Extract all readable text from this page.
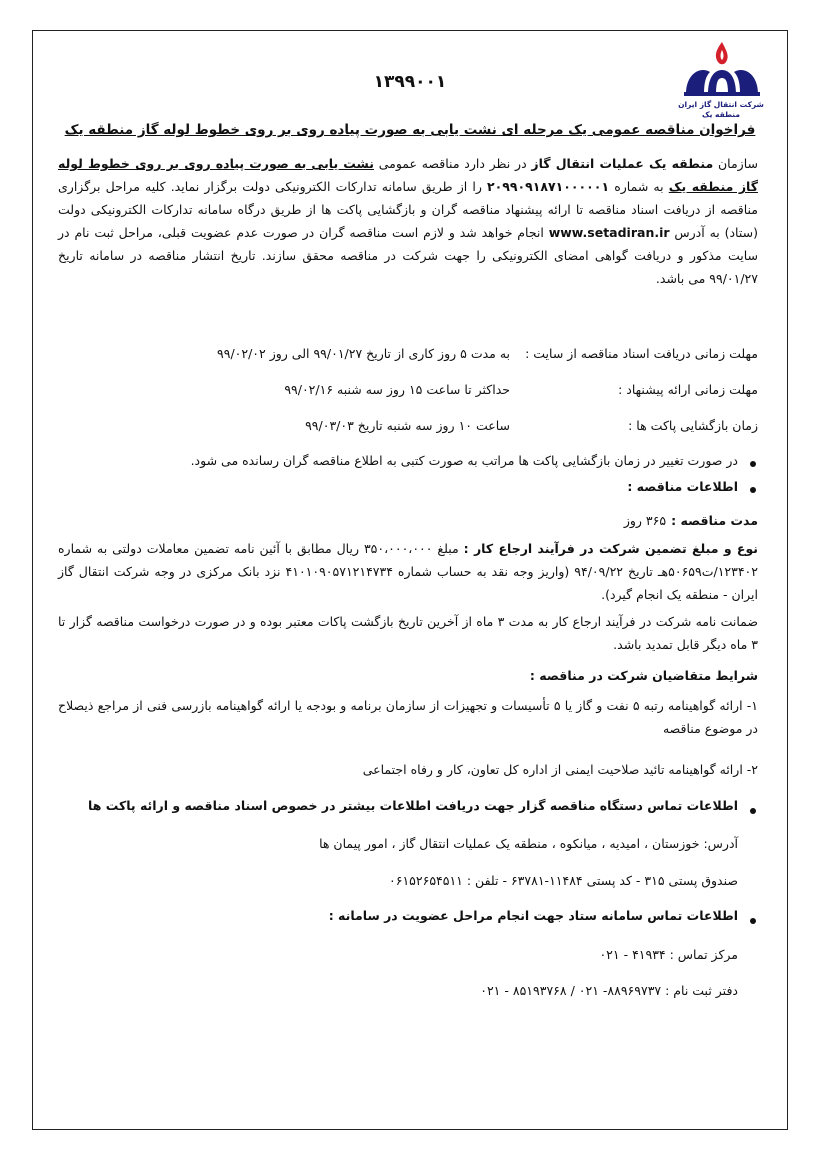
شرکت انتقال گاز ایران
منطقه یک
۱۳۹۹۰۰۱
فراخوان مناقصه عمومی یک مرحله ای نشت یابی به صورت پیاده روی بر روی خطوط لوله گاز منطقه یک
سازمان منطقه یک عملیات انتقال گاز در نظر دارد مناقصه عمومی نشت یابی به صورت پیاده روی بر روی خطوط لوله گاز منطقه یک به شماره ۲۰۹۹۰۹۱۸۷۱۰۰۰۰۰۱ را از طریق سامانه تدارکات الکترونیکی دولت برگزار نماید. کلیه مراحل برگزاری مناقصه از دریافت اسناد مناقصه تا ارائه پیشنهاد مناقصه گران و بازگشایی پاکت ها از طریق درگاه سامانه تدارکات الکترونیکی دولت (ستاد) به آدرس www.setadiran.ir انجام خواهد شد و لازم است مناقصه گران در صورت عدم عضویت قبلی، مراحل ثبت نام در سایت مذکور و دریافت گواهی امضای الکترونیکی را جهت شرکت در مناقصه محقق سازند. تاریخ انتشار مناقصه در سامانه تاریخ ۹۹/۰۱/۲۷ می باشد.
مهلت زمانی دریافت اسناد مناقصه از سایت :
به مدت ۵ روز کاری از تاریخ ۹۹/۰۱/۲۷ الی روز ۹۹/۰۲/۰۲
مهلت زمانی ارائه پیشنهاد :
حداکثر تا ساعت ۱۵ روز سه شنبه ۹۹/۰۲/۱۶
زمان بازگشایی پاکت ها :
ساعت ۱۰ روز سه شنبه تاریخ ۹۹/۰۳/۰۳
در صورت تغییر در زمان بازگشایی پاکت ها مراتب به صورت کتبی به اطلاع مناقصه گران رسانده می شود.
اطلاعات مناقصه :
مدت مناقصه : ۳۶۵ روز
نوع و مبلغ تضمین شرکت در فرآیند ارجاع کار : مبلغ ۳۵۰،۰۰۰،۰۰۰ ریال مطابق با آئین نامه تضمین معاملات دولتی به شماره ۱۲۳۴۰۲/ت۵۰۶۵۹هـ تاریخ ۹۴/۰۹/۲۲ (واریز وجه نقد به حساب شماره ۴۱۰۱۰۹۰۵۷۱۲۱۴۷۳۴ نزد بانک مرکزی در وجه شرکت انتقال گاز ایران - منطقه یک انجام گیرد).
ضمانت نامه شرکت در فرآیند ارجاع کار به مدت ۳ ماه از آخرین تاریخ بازگشت پاکات معتبر بوده و در صورت درخواست مناقصه گزار تا ۳ ماه دیگر قابل تمدید باشد.
شرایط متقاضیان شرکت در مناقصه :
۱- ارائه گواهینامه رتبه ۵ نفت و گاز یا ۵ تأسیسات و تجهیزات از سازمان برنامه و بودجه یا ارائه گواهینامه بازرسی فنی از مراجع ذیصلاح در موضوع مناقصه
۲- ارائه گواهینامه تائید صلاحیت ایمنی از اداره کل تعاون، کار و رفاه اجتماعی
اطلاعات تماس دستگاه مناقصه گزار جهت دریافت اطلاعات بیشتر در خصوص اسناد مناقصه و ارائه پاکت ها
آدرس: خوزستان ، امیدیه ، میانکوه ، منطقه یک عملیات انتقال گاز ، امور پیمان ها
صندوق پستی ۳۱۵ - کد پستی ۱۱۴۸۴-۶۳۷۸۱ - تلفن : ۰۶۱۵۲۶۵۴۵۱۱
اطلاعات تماس سامانه ستاد جهت انجام مراحل عضویت در سامانه :
مرکز تماس : ۴۱۹۳۴ - ۰۲۱
دفتر ثبت نام : ۸۸۹۶۹۷۳۷- ۰۲۱ / ۸۵۱۹۳۷۶۸ - ۰۲۱
